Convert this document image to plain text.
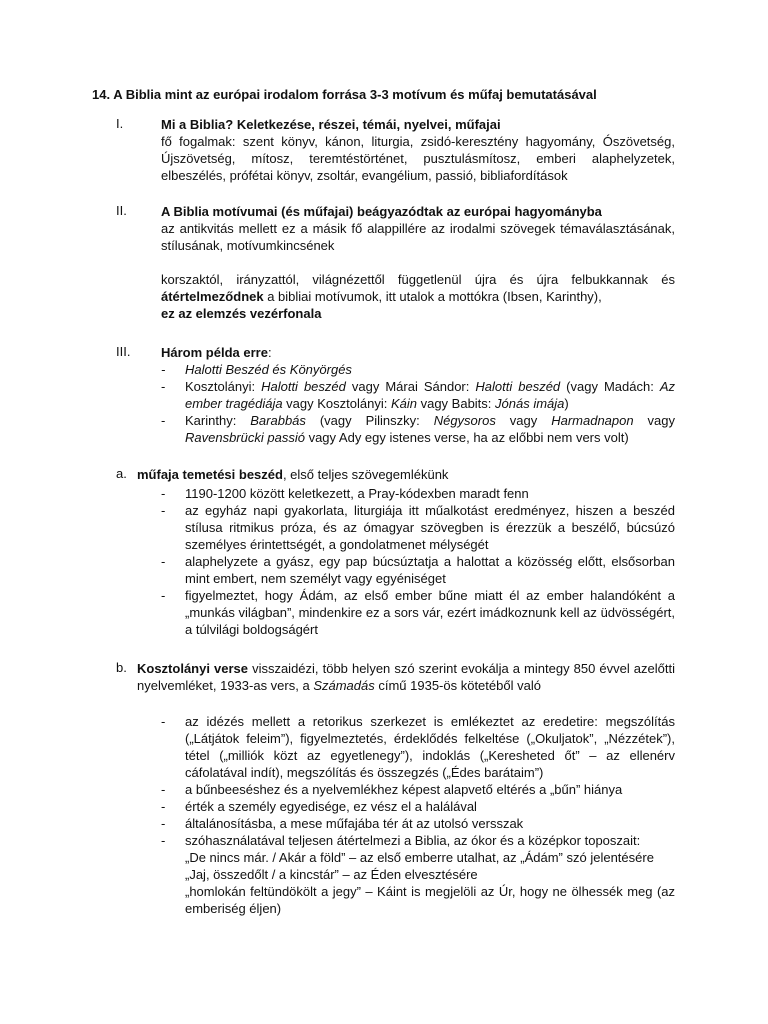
14. A Biblia mint az európai irodalom forrása 3-3 motívum és műfaj bemutatásával
I.	Mi a Biblia? Keletkezése, részei, témái, nyelvei, műfajai

fő fogalmak: szent könyv, kánon, liturgia, zsidó-keresztény hagyomány, Ószövetség, Újszövetség, mítosz, teremtéstörténet, pusztulásmítosz, emberi alaphelyzetek, elbeszélés, prófétai könyv, zsoltár, evangélium, passió, bibliafordítások

II.	A Biblia motívumai (és műfajai) beágyazódtak az európai hagyományba

az antikvitás mellett ez a másik fő alappillére az irodalmi szövegek témaválasztásának, stílusának, motívumkincsének

korszaktól, irányzattól, világnézettől függetlenül újra és újra felbukkannak és átértelmeződnek a bibliai motívumok, itt utalok a mottókra (Ibsen, Karinthy),

ez az elemzés vezérfonala

III. Három példa erre:

- Halotti Beszéd és Könyörgés
- Kosztolányi: Halotti beszéd vagy Márai Sándor: Halotti beszéd (vagy Madách: Az ember tragédiája vagy Kosztolányi: Káin vagy Babits: Jónás imája)
- Karinthy: Barabbás (vagy Pilinszky: Négysoros vagy Harmadnapon vagy Ravensbrücki passió vagy Ady egy istenes verse, ha az előbbi nem vers volt)
a. műfaja temetési beszéd, első teljes szövegemlékünk
- 1190-1200 között keletkezett, a Pray-kódexben maradt fenn
- az egyház napi gyakorlata, liturgiája itt műalkotást eredményez, hiszen a beszéd stílusa ritmikus próza, és az ómagyar szövegben is érezzük a beszélő, búcsúzó személyes érintettségét, a gondolatmenet mélységét
- alaphelyzete a gyász, egy pap búcsúztatja a halottat a közösség előtt, elsősorban mint embert, nem személyt vagy egyéniséget
- figyelmeztet, hogy Ádám, az első ember bűne miatt él az ember halandóként a „munkás világban”, mindenkire ez a sors vár, ezért imádkoznunk kell az üdvösségért, a túlvilági boldogságért
b. Kosztolányi verse visszaidézi, több helyen szó szerint evokálja a mintegy 850 évvel azelőtti nyelvemléket, 1933-as vers, a Számadás című 1935-ös kötetéből való
- az idézés mellett a retorikus szerkezet is emlékeztet az eredetire: megszólítás („Látjátok feleim”), figyelmeztetés, érdeklődés felkeltése („Okuljatok”, „Nézzétek”), tétel („milliók közt az egyetlenegy”), indoklás („Keresheted őt” – az ellenérv cáfolatával indít), megszólítás és összegzés („Édes barátaim”)
- a bűnbeeséshez és a nyelvemlékhez képest alapvető eltérés a „bűn” hiánya
- érték a személy egyedisége, ez vész el a halálával
- általánosításba, a mese műfajába tér át az utolsó versszak
- szóhasználatával teljesen átértelmezi a Biblia, az ókor és a középkor toposzait:
„De nincs már. / Akár a föld” – az első emberre utalhat, az „Ádám” szó jelentésére
„Jaj, összedőlt / a kincstár” – az Éden elvesztésére
„homlokán feltündökölt a jegy” – Káint is megjelöli az Úr, hogy ne ölhessék meg (az emberiség éljen)
